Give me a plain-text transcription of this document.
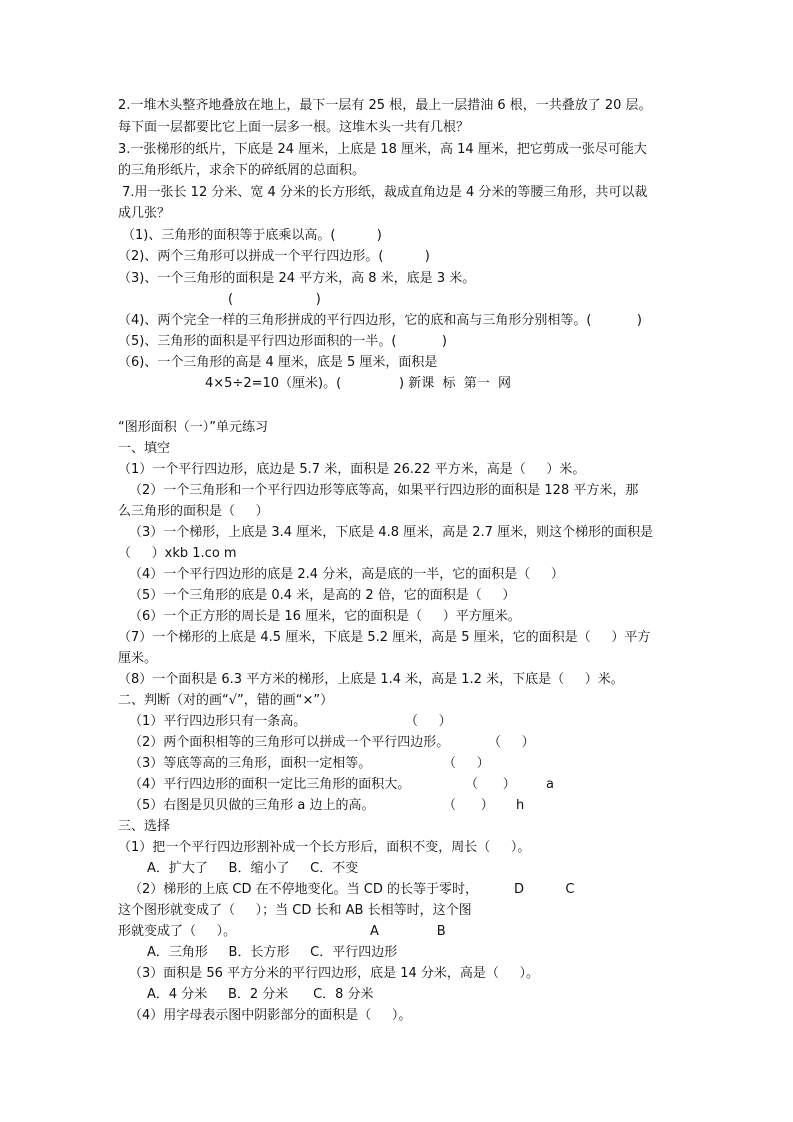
2.一堆木头整齐地叠放在地上，最下一层有 25 根，最上一层措油 6 根，一共叠放了 20 层。
每下面一层都要比它上面一层多一根。这堆木头一共有几根？
3.一张梯形的纸片，下底是 24 厘米，上底是 18 厘米，高 14 厘米，把它剪成一张尽可能大
的三角形纸片，求余下的碎纸屑的总面积。
7.用一张长 12 分米、宽 4 分米的长方形纸，裁成直角边是 4 分米的等腰三角形，共可以裁
成几张？
（1)、三角形的面积等于底乘以高。(          )
（2)、两个三角形可以拼成一个平行四边形。(          )
（3)、一个三角形的面积是 24 平方米，高 8 米，底是 3 米。
(                    )
（4)、两个完全一样的三角形拼成的平行四边形，它的底和高与三角形分别相等。(           )
（5)、三角形的面积是平行四边形面积的一半。(           )
（6)、一个三角形的高是 4 厘米，底是 5 厘米，面积是
4×5÷2=10（厘米)。(              ) 新课  标  第一  网
“图形面积（一）”单元练习
一、填空
（1）一个平行四边形，底边是 5.7 米，面积是 26.22 平方米，高是（     ）米。
（2）一个三角形和一个平行四边形等底等高，如果平行四边形的面积是 128 平方米，那
么三角形的面积是（     ）
（3）一个梯形，上底是 3.4 厘米，下底是 4.8 厘米，高是 2.7 厘米，则这个梯形的面积是
（     ）xkb 1.co m
（4）一个平行四边形的底是 2.4 分米，高是底的一半，它的面积是（     ）
（5）一个三角形的底是 0.4 米，是高的 2 倍，它的面积是（     ）
（6）一个正方形的周长是 16 厘米，它的面积是（     ）平方厘米。
（7）一个梯形的上底是 4.5 厘米，下底是 5.2 厘米，高是 5 厘米，它的面积是（     ）平方
厘米。
（8）一个面积是 6.3 平方米的梯形，上底是 1.4 米，高是 1.2 米，下底是（     ）米。
二、判断（对的画“√”，错的画“×”）
（1）平行四边形只有一条高。	（     ）
（2）两个面积相等的三角形可以拼成一个平行四边形。	（     ）
（3）等底等高的三角形，面积一定相等。	（     ）
（4）平行四边形的面积一定比三角形的面积大。	（      ） a
（5）右图是贝贝做的三角形 a 边上的高。	（      ） h
三、选择
（1）把一个平行四边形割补成一个长方形后，面积不变，周长（     ）。
A．扩大了     B．缩小了     C．不变
（2）梯形的上底 CD 在不停地变化。当 CD 的长等于零时，	D          C
这个图形就变成了（     ）；当 CD 长和 AB 长相等时，这个图
形就变成了（     ）。	A              B
A．三角形     B．长方形     C．平行四边形
（3）面积是 56 平方分米的平行四边形，底是 14 分米，高是（     ）。
A．4 分米     B．2 分米      C．8 分米
（4）用字母表示图中阴影部分的面积是（     ）。
